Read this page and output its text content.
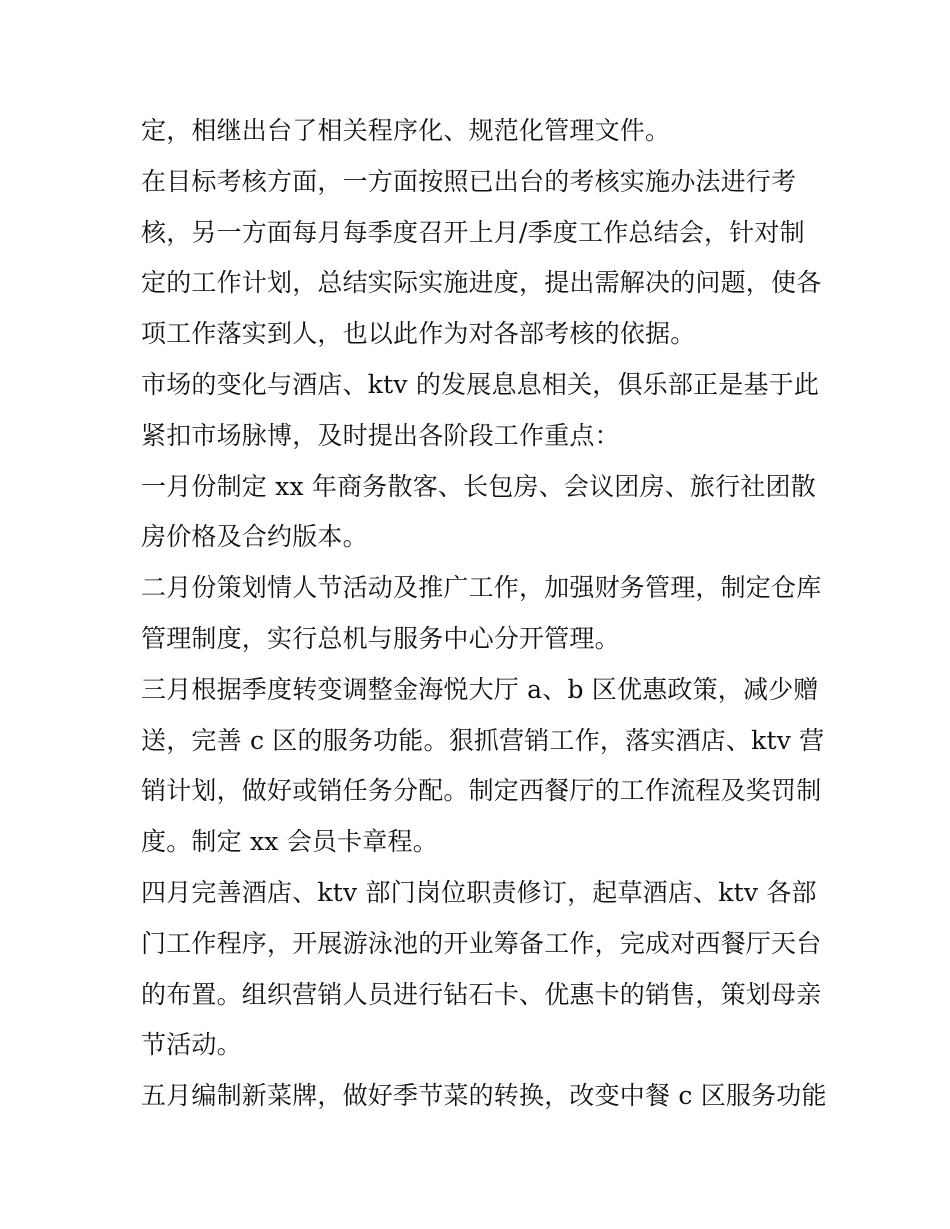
定，相继出台了相关程序化、规范化管理文件。
在目标考核方面，一方面按照已出台的考核实施办法进行考
核，另一方面每月每季度召开上月/季度工作总结会，针对制
定的工作计划，总结实际实施进度，提出需解决的问题，使各
项工作落实到人，也以此作为对各部考核的依据。
市场的变化与酒店、ktv 的发展息息相关，俱乐部正是基于此
紧扣市场脉博，及时提出各阶段工作重点：
一月份制定 xx 年商务散客、长包房、会议团房、旅行社团散
房价格及合约版本。
二月份策划情人节活动及推广工作，加强财务管理，制定仓库
管理制度，实行总机与服务中心分开管理。
三月根据季度转变调整金海悦大厅 a、b 区优惠政策，减少赠
送，完善 c 区的服务功能。狠抓营销工作，落实酒店、ktv 营
销计划，做好或销任务分配。制定西餐厅的工作流程及奖罚制
度。制定 xx 会员卡章程。
四月完善酒店、ktv 部门岗位职责修订，起草酒店、ktv 各部
门工作程序，开展游泳池的开业筹备工作，完成对西餐厅天台
的布置。组织营销人员进行钻石卡、优惠卡的销售，策划母亲
节活动。
五月编制新菜牌，做好季节菜的转换，改变中餐 c 区服务功能
